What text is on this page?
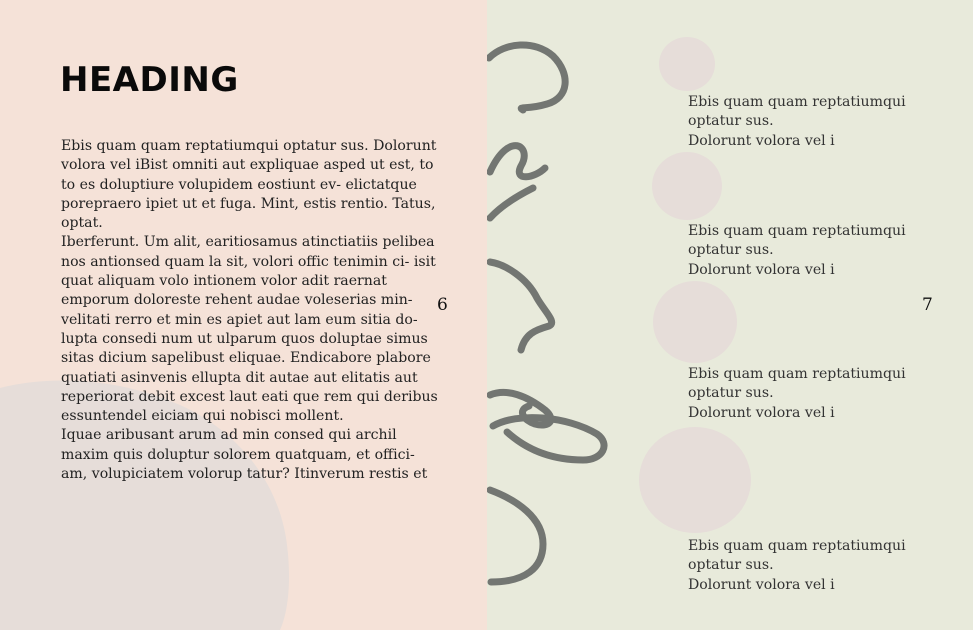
HEADING

Ebis quam quam reptatiumqui optatur sus. Dolorunt volora vel iBist omniti aut expliquae asped ut est, to to es doluptiure volupidem eostiunt ev- elictatque porepraero ipiet ut et fuga. Mint, estis rentio. Tatus, optat.

Iberferunt. Um alit, earitiosamus atinctiatiis pelibea nos antionsed quam la sit, volori offic tenimin ci- isit quat aliquam volo intionem volor adit raernat emporum doloreste rehent audae voleserias min- velitati rerro et min es apiet aut lam eum sitia do- lupta consedi num ut ulparum quos doluptae simus sitas dicium sapelibust eliquae. Endicabore plabore quatiati asinvenis ellupta dit autae aut elitatis aut reperiorat debit excest laut eati que rem qui deribus essuntendel eiciam qui nobisci mollent.

Iquae aribusant arum ad min consed qui archil maxim quis doluptur solorem quatquam, et offici- am, volupiciatem volorup tatur? Itinverum restis et

6

Ebis quam quam reptatiumqui

optatur sus.

Dolorunt volora vel i

Ebis quam quam reptatiumqui

optatur sus.

Dolorunt volora vel i

Ebis quam quam reptatiumqui

optatur sus.

Dolorunt volora vel i

Ebis quam quam reptatiumqui

optatur sus.

Dolorunt volora vel i

7
